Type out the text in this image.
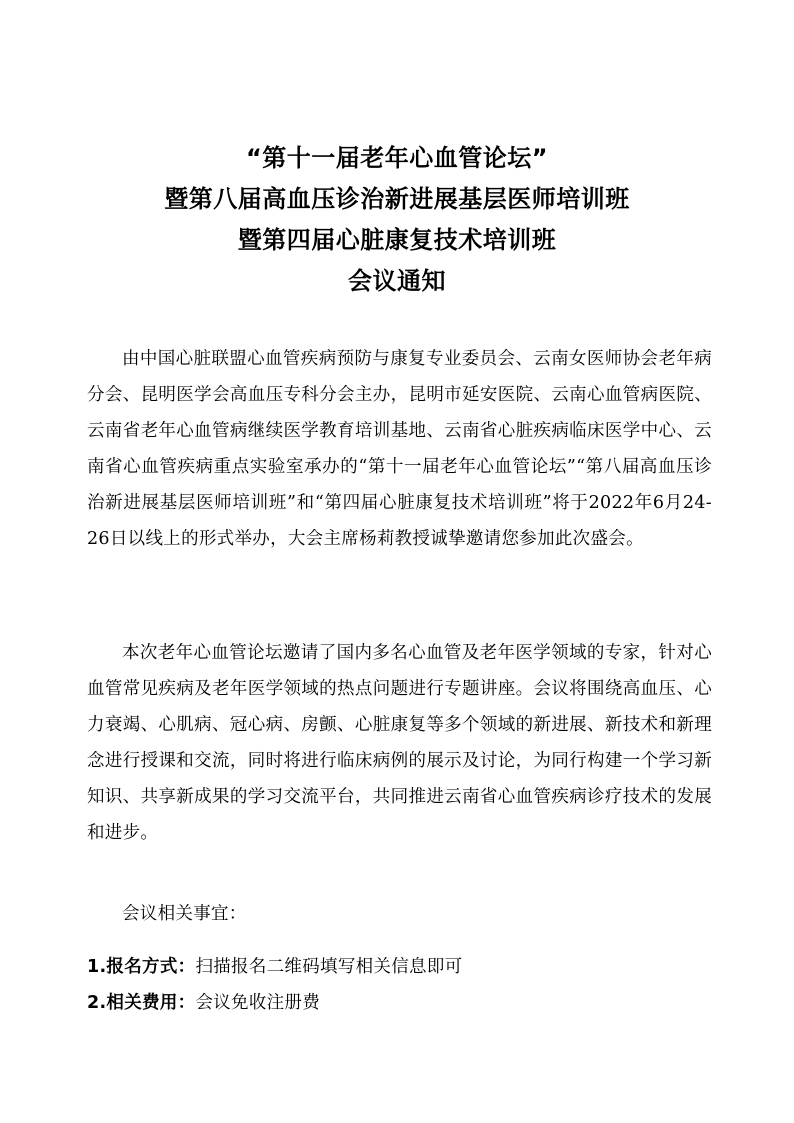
“第十一届老年心血管论坛”
暨第八届高血压诊治新进展基层医师培训班
暨第四届心脏康复技术培训班
会议通知

由中国心脏联盟心血管疾病预防与康复专业委员会、云南女医师协会老年病分会、昆明医学会高血压专科分会主办，昆明市延安医院、云南心血管病医院、云南省老年心血管病继续医学教育培训基地、云南省心脏疾病临床医学中心、云南省心血管疾病重点实验室承办的“第十一届老年心血管论坛”“第八届高血压诊治新进展基层医师培训班”和“第四届心脏康复技术培训班”将于2022年6月24-26日以线上的形式举办，大会主席杨莉教授诚挚邀请您参加此次盛会。

本次老年心血管论坛邀请了国内多名心血管及老年医学领域的专家，针对心血管常见疾病及老年医学领域的热点问题进行专题讲座。会议将围绕高血压、心力衰竭、心肌病、冠心病、房颤、心脏康复等多个领域的新进展、新技术和新理念进行授课和交流，同时将进行临床病例的展示及讨论，为同行构建一个学习新知识、共享新成果的学习交流平台，共同推进云南省心血管疾病诊疗技术的发展和进步。

会议相关事宜：
1.报名方式：扫描报名二维码填写相关信息即可
2.相关费用：会议免收注册费
